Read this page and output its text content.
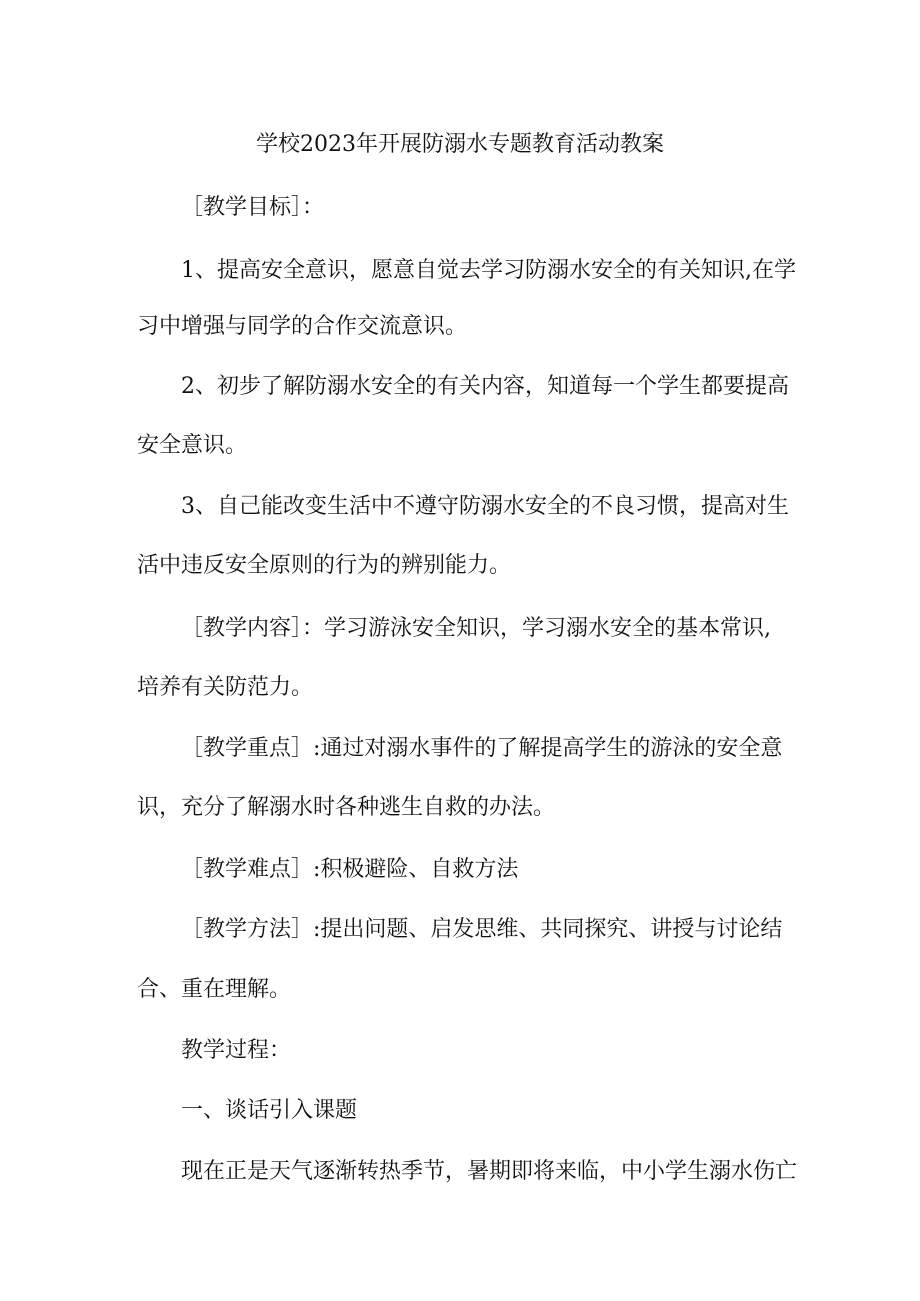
学校2023年开展防溺水专题教育活动教案
［教学目标］：
1、提高安全意识，愿意自觉去学习防溺水安全的有关知识,在学
习中增强与同学的合作交流意识。
2、初步了解防溺水安全的有关内容，知道每一个学生都要提高
安全意识。
3、自己能改变生活中不遵守防溺水安全的不良习惯，提高对生
活中违反安全原则的行为的辨别能力。
［教学内容］：学习游泳安全知识，学习溺水安全的基本常识,
培养有关防范力。
［教学重点］:通过对溺水事件的了解提高学生的游泳的安全意
识，充分了解溺水时各种逃生自救的办法。
［教学难点］:积极避险、自救方法
［教学方法］:提出问题、启发思维、共同探究、讲授与讨论结
合、重在理解。
教学过程：
一、谈话引入课题
现在正是天气逐渐转热季节，暑期即将来临，中小学生溺水伤亡
